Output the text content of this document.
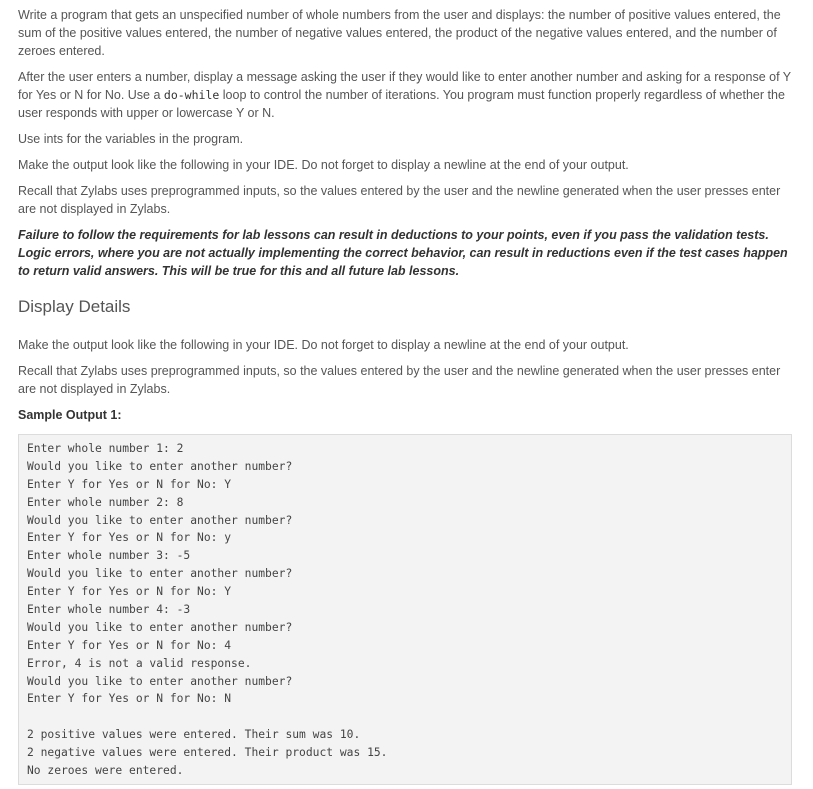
Write a program that gets an unspecified number of whole numbers from the user and displays: the number of positive values entered, the sum of the positive values entered, the number of negative values entered, the product of the negative values entered, and the number of zeroes entered.

After the user enters a number, display a message asking the user if they would like to enter another number and asking for a response of Y for Yes or N for No. Use a do-while loop to control the number of iterations. You program must function properly regardless of whether the user responds with upper or lowercase Y or N.

Use ints for the variables in the program.

Make the output look like the following in your IDE. Do not forget to display a newline at the end of your output.

Recall that Zylabs uses preprogrammed inputs, so the values entered by the user and the newline generated when the user presses enter are not displayed in Zylabs.

Failure to follow the requirements for lab lessons can result in deductions to your points, even if you pass the validation tests. Logic errors, where you are not actually implementing the correct behavior, can result in reductions even if the test cases happen to return valid answers. This will be true for this and all future lab lessons.

Display Details

Make the output look like the following in your IDE. Do not forget to display a newline at the end of your output.

Recall that Zylabs uses preprogrammed inputs, so the values entered by the user and the newline generated when the user presses enter are not displayed in Zylabs.

Sample Output 1:

Enter whole number 1: 2
Would you like to enter another number?
Enter Y for Yes or N for No: Y
Enter whole number 2: 8
Would you like to enter another number?
Enter Y for Yes or N for No: y
Enter whole number 3: -5
Would you like to enter another number?
Enter Y for Yes or N for No: Y
Enter whole number 4: -3
Would you like to enter another number?
Enter Y for Yes or N for No: 4
Error, 4 is not a valid response.
Would you like to enter another number?
Enter Y for Yes or N for No: N
2 positive values were entered. Their sum was 10.
2 negative values were entered. Their product was 15.
No zeroes were entered.
